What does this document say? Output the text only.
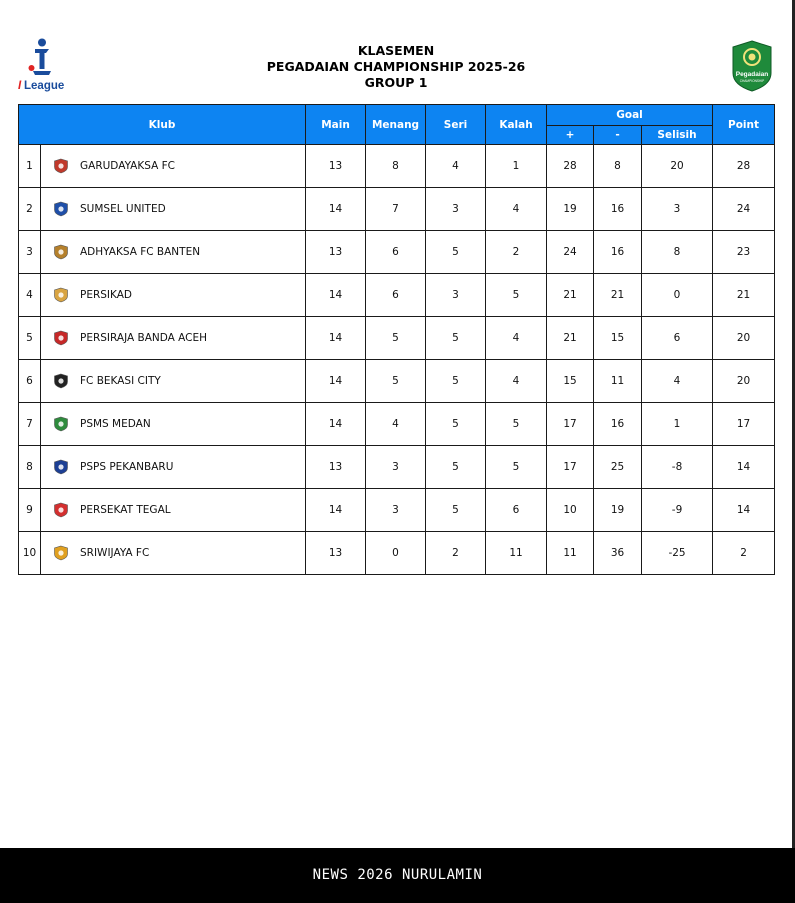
I League
KLASEMEN
PEGADAIAN CHAMPIONSHIP 2025-26
GROUP 1
Pegadaian
CHAMPIONSHIP
Klub		Main	Menang	Seri	Kalah	Goal			Point
						+	-	Selisih	
1	GARUDAYAKSA FC	13	8	4	1	28	8	20	28
2	SUMSEL UNITED	14	7	3	4	19	16	3	24
3	ADHYAKSA FC BANTEN	13	6	5	2	24	16	8	23
4	PERSIKAD	14	6	3	5	21	21	0	21
5	PERSIRAJA BANDA ACEH	14	5	5	4	21	15	6	20
6	FC BEKASI CITY	14	5	5	4	15	11	4	20
7	PSMS MEDAN	14	4	5	5	17	16	1	17
8	PSPS PEKANBARU	13	3	5	5	17	25	-8	14
9	PERSEKAT TEGAL	14	3	5	6	10	19	-9	14
10	SRIWIJAYA FC	13	0	2	11	11	36	-25	2
NEWS 2026 NURULAMIN
